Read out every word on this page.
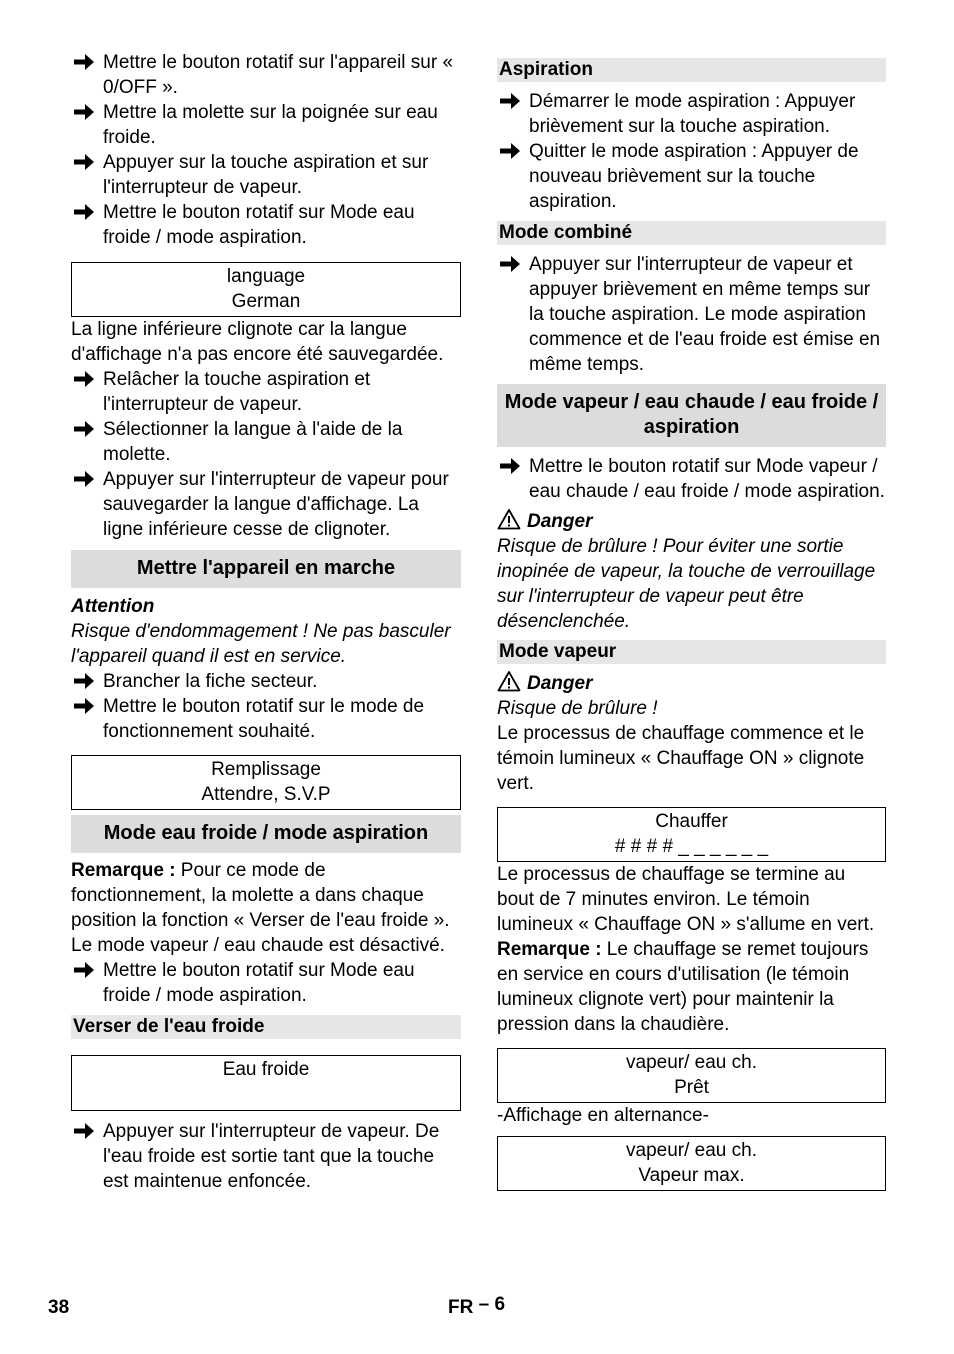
Mettre le bouton rotatif sur l'appareil sur « 0/OFF ».
Mettre la molette sur la poignée sur eau froide.
Appuyer sur la touche aspiration et sur l'interrupteur de vapeur.
Mettre le bouton rotatif sur Mode eau froide / mode aspiration.
language
German

La ligne inférieure clignote car la langue d'affichage n'a pas encore été sauvegardée.

Relâcher la touche aspiration et l'interrupteur de vapeur.
Sélectionner la langue à l'aide de la molette.
Appuyer sur l'interrupteur de vapeur pour sauvegarder la langue d'affichage. La ligne inférieure cesse de clignoter.
Mettre l'appareil en marche
Attention
Risque d'endommagement ! Ne pas basculer l'appareil quand il est en service.
Brancher la fiche secteur.
Mettre le bouton rotatif sur le mode de fonctionnement souhaité.
Remplissage
Attendre, S.V.P
Mode eau froide / mode aspiration

Remarque : Pour ce mode de fonctionnement, la molette a dans chaque position la fonction « Verser de l'eau froide ». Le mode vapeur / eau chaude est désactivé.

Mettre le bouton rotatif sur Mode eau froide / mode aspiration.
Verser de l'eau froide
Eau froide
Appuyer sur l'interrupteur de vapeur. De l'eau froide est sortie tant que la touche est maintenue enfoncée.
Aspiration
Démarrer le mode aspiration : Appuyer brièvement sur la touche aspiration.
Quitter le mode aspiration : Appuyer de nouveau brièvement sur la touche aspiration.
Mode combiné
Appuyer sur l'interrupteur de vapeur et appuyer brièvement en même temps sur la touche aspiration. Le mode aspiration commence et de l'eau froide est émise en même temps.
Mode vapeur / eau chaude / eau froide / aspiration
Mettre le bouton rotatif sur Mode vapeur / eau chaude / eau froide / mode aspiration.
Danger
Risque de brûlure ! Pour éviter une sortie inopinée de vapeur, la touche de verrouillage sur l'interrupteur de vapeur peut être désenclenchée.
Mode vapeur
Danger
Risque de brûlure !

Le processus de chauffage commence et le témoin lumineux « Chauffage ON » clignote vert.

Chauffer
# # # # _ _ _ _ _ _

Le processus de chauffage se termine au bout de 7 minutes environ. Le témoin lumineux « Chauffage ON » s'allume en vert.

Remarque : Le chauffage se remet toujours en service en cours d'utilisation (le témoin lumineux clignote vert) pour maintenir la pression dans la chaudière.

vapeur/ eau ch.
Prêt

-Affichage en alternance-

vapeur/ eau ch.
Vapeur max.
38	FR – 6
